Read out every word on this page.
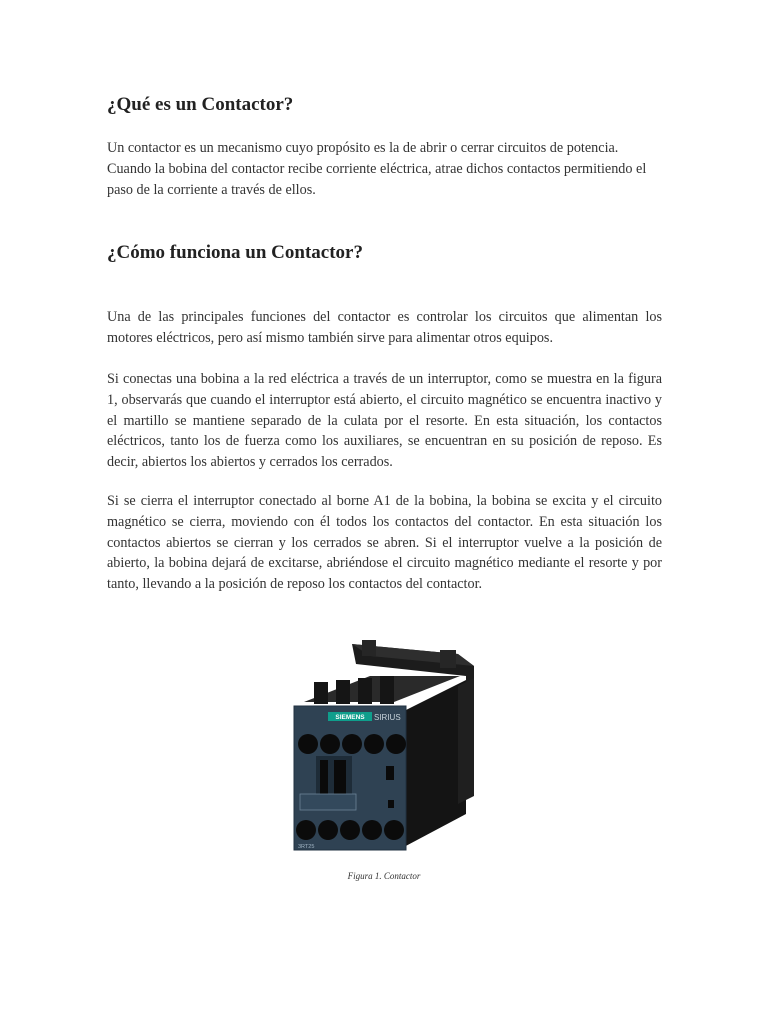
¿Qué es un Contactor?

Un contactor es un mecanismo cuyo propósito es la de abrir o cerrar circuitos de potencia. Cuando la bobina del contactor recibe corriente eléctrica, atrae dichos contactos permitiendo el paso de la corriente a través de ellos.

¿Cómo funciona un Contactor?

Una de las principales funciones del contactor es controlar los circuitos que alimentan los motores eléctricos, pero así mismo también sirve para alimentar otros equipos.

Si conectas una bobina a la red eléctrica a través de un interruptor, como se muestra en la figura 1, observarás que cuando el interruptor está abierto, el circuito magnético se encuentra inactivo y el martillo se mantiene separado de la culata por el resorte. En esta situación, los contactos eléctricos, tanto los de fuerza como los auxiliares, se encuentran en su posición de reposo. Es decir, abiertos los abiertos y cerrados los cerrados.

Si se cierra el interruptor conectado al borne A1 de la bobina, la bobina se excita y el circuito magnético se cierra, moviendo con él todos los contactos del contactor. En esta situación los contactos abiertos se cierran y los cerrados se abren. Si el interruptor vuelve a la posición de abierto, la bobina dejará de excitarse, abriéndose el circuito magnético mediante el resorte y por tanto, llevando a la posición de reposo los contactos del contactor.

SIEMENS SIRIUS
3RT25
Figura 1. Contactor
